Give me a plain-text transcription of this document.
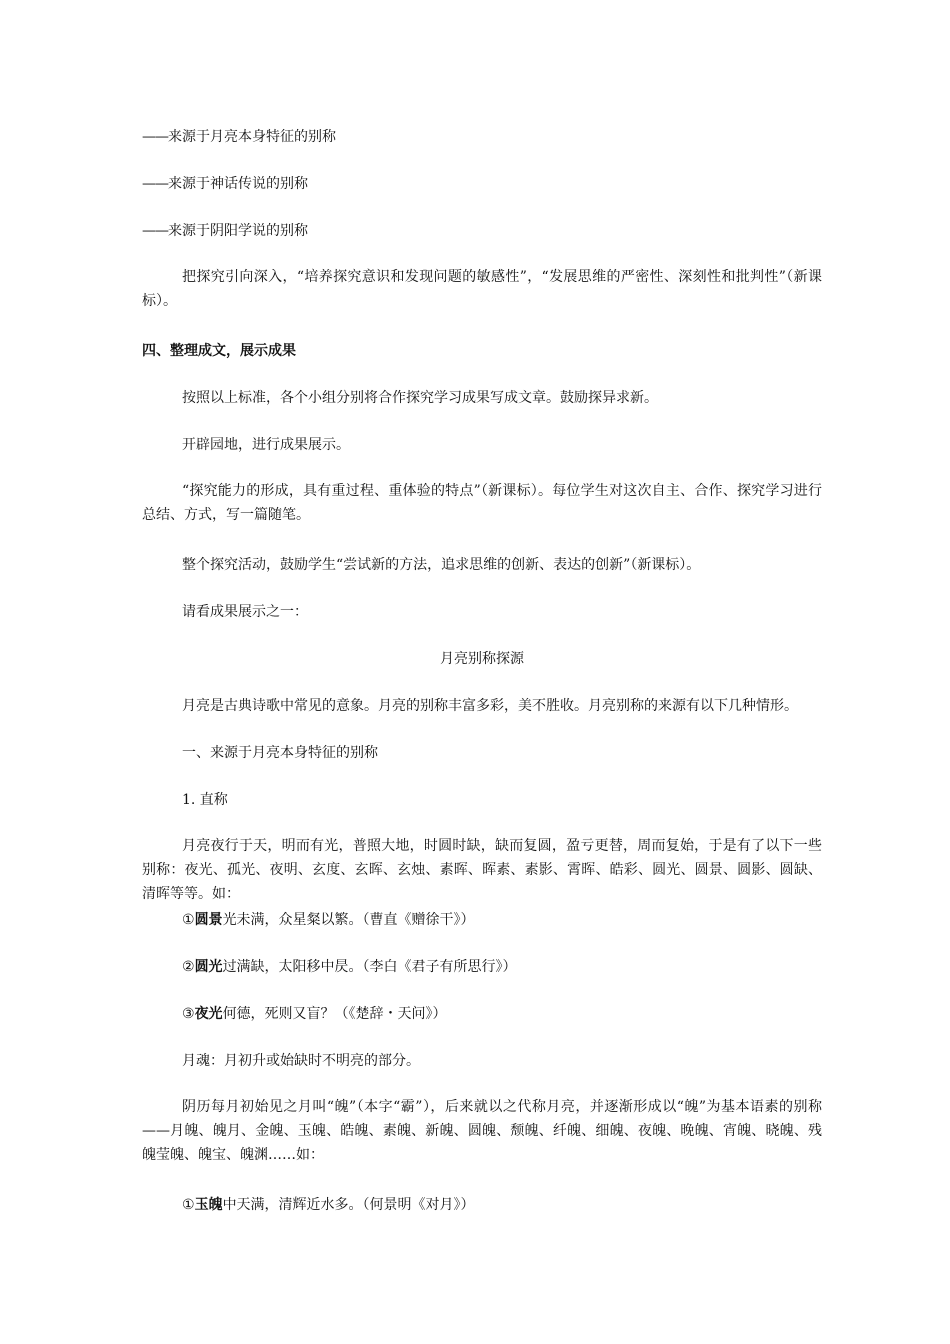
——来源于月亮本身特征的别称
——来源于神话传说的别称
——来源于阴阳学说的别称
把探究引向深入，“培养探究意识和发现问题的敏感性”，“发展思维的严密性、深刻性和批判性”（新课标）。
四、整理成文，展示成果
按照以上标准，各个小组分别将合作探究学习成果写成文章。鼓励探异求新。
开辟园地，进行成果展示。
“探究能力的形成，具有重过程、重体验的特点”（新课标）。每位学生对这次自主、合作、探究学习进行总结、方式，写一篇随笔。
整个探究活动，鼓励学生“尝试新的方法，追求思维的创新、表达的创新”（新课标）。
请看成果展示之一：
月亮别称探源
月亮是古典诗歌中常见的意象。月亮的别称丰富多彩，美不胜收。月亮别称的来源有以下几种情形。
一、来源于月亮本身特征的别称
1. 直称
月亮夜行于天，明而有光，普照大地，时圆时缺，缺而复圆，盈亏更替，周而复始，于是有了以下一些别称：夜光、孤光、夜明、玄度、玄晖、玄烛、素晖、晖素、素影、霄晖、皓彩、圆光、圆景、圆影、圆缺、清晖等等。如：
①圆景光未满，众星粲以繁。（曹直《赠徐干》）
②圆光过满缺，太阳移中昃。（李白《君子有所思行》）
③夜光何德，死则又盲？（《楚辞・天问》）
月魂：月初升或始缺时不明亮的部分。
阴历每月初始见之月叫“魄”（本字“霸”），后来就以之代称月亮，并逐渐形成以“魄”为基本语素的别称——月魄、魄月、金魄、玉魄、皓魄、素魄、新魄、圆魄、颓魄、纤魄、细魄、夜魄、晚魄、宵魄、晓魄、残魄莹魄、魄宝、魄渊……如：
①玉魄中天满，清辉近水多。（何景明《对月》）
